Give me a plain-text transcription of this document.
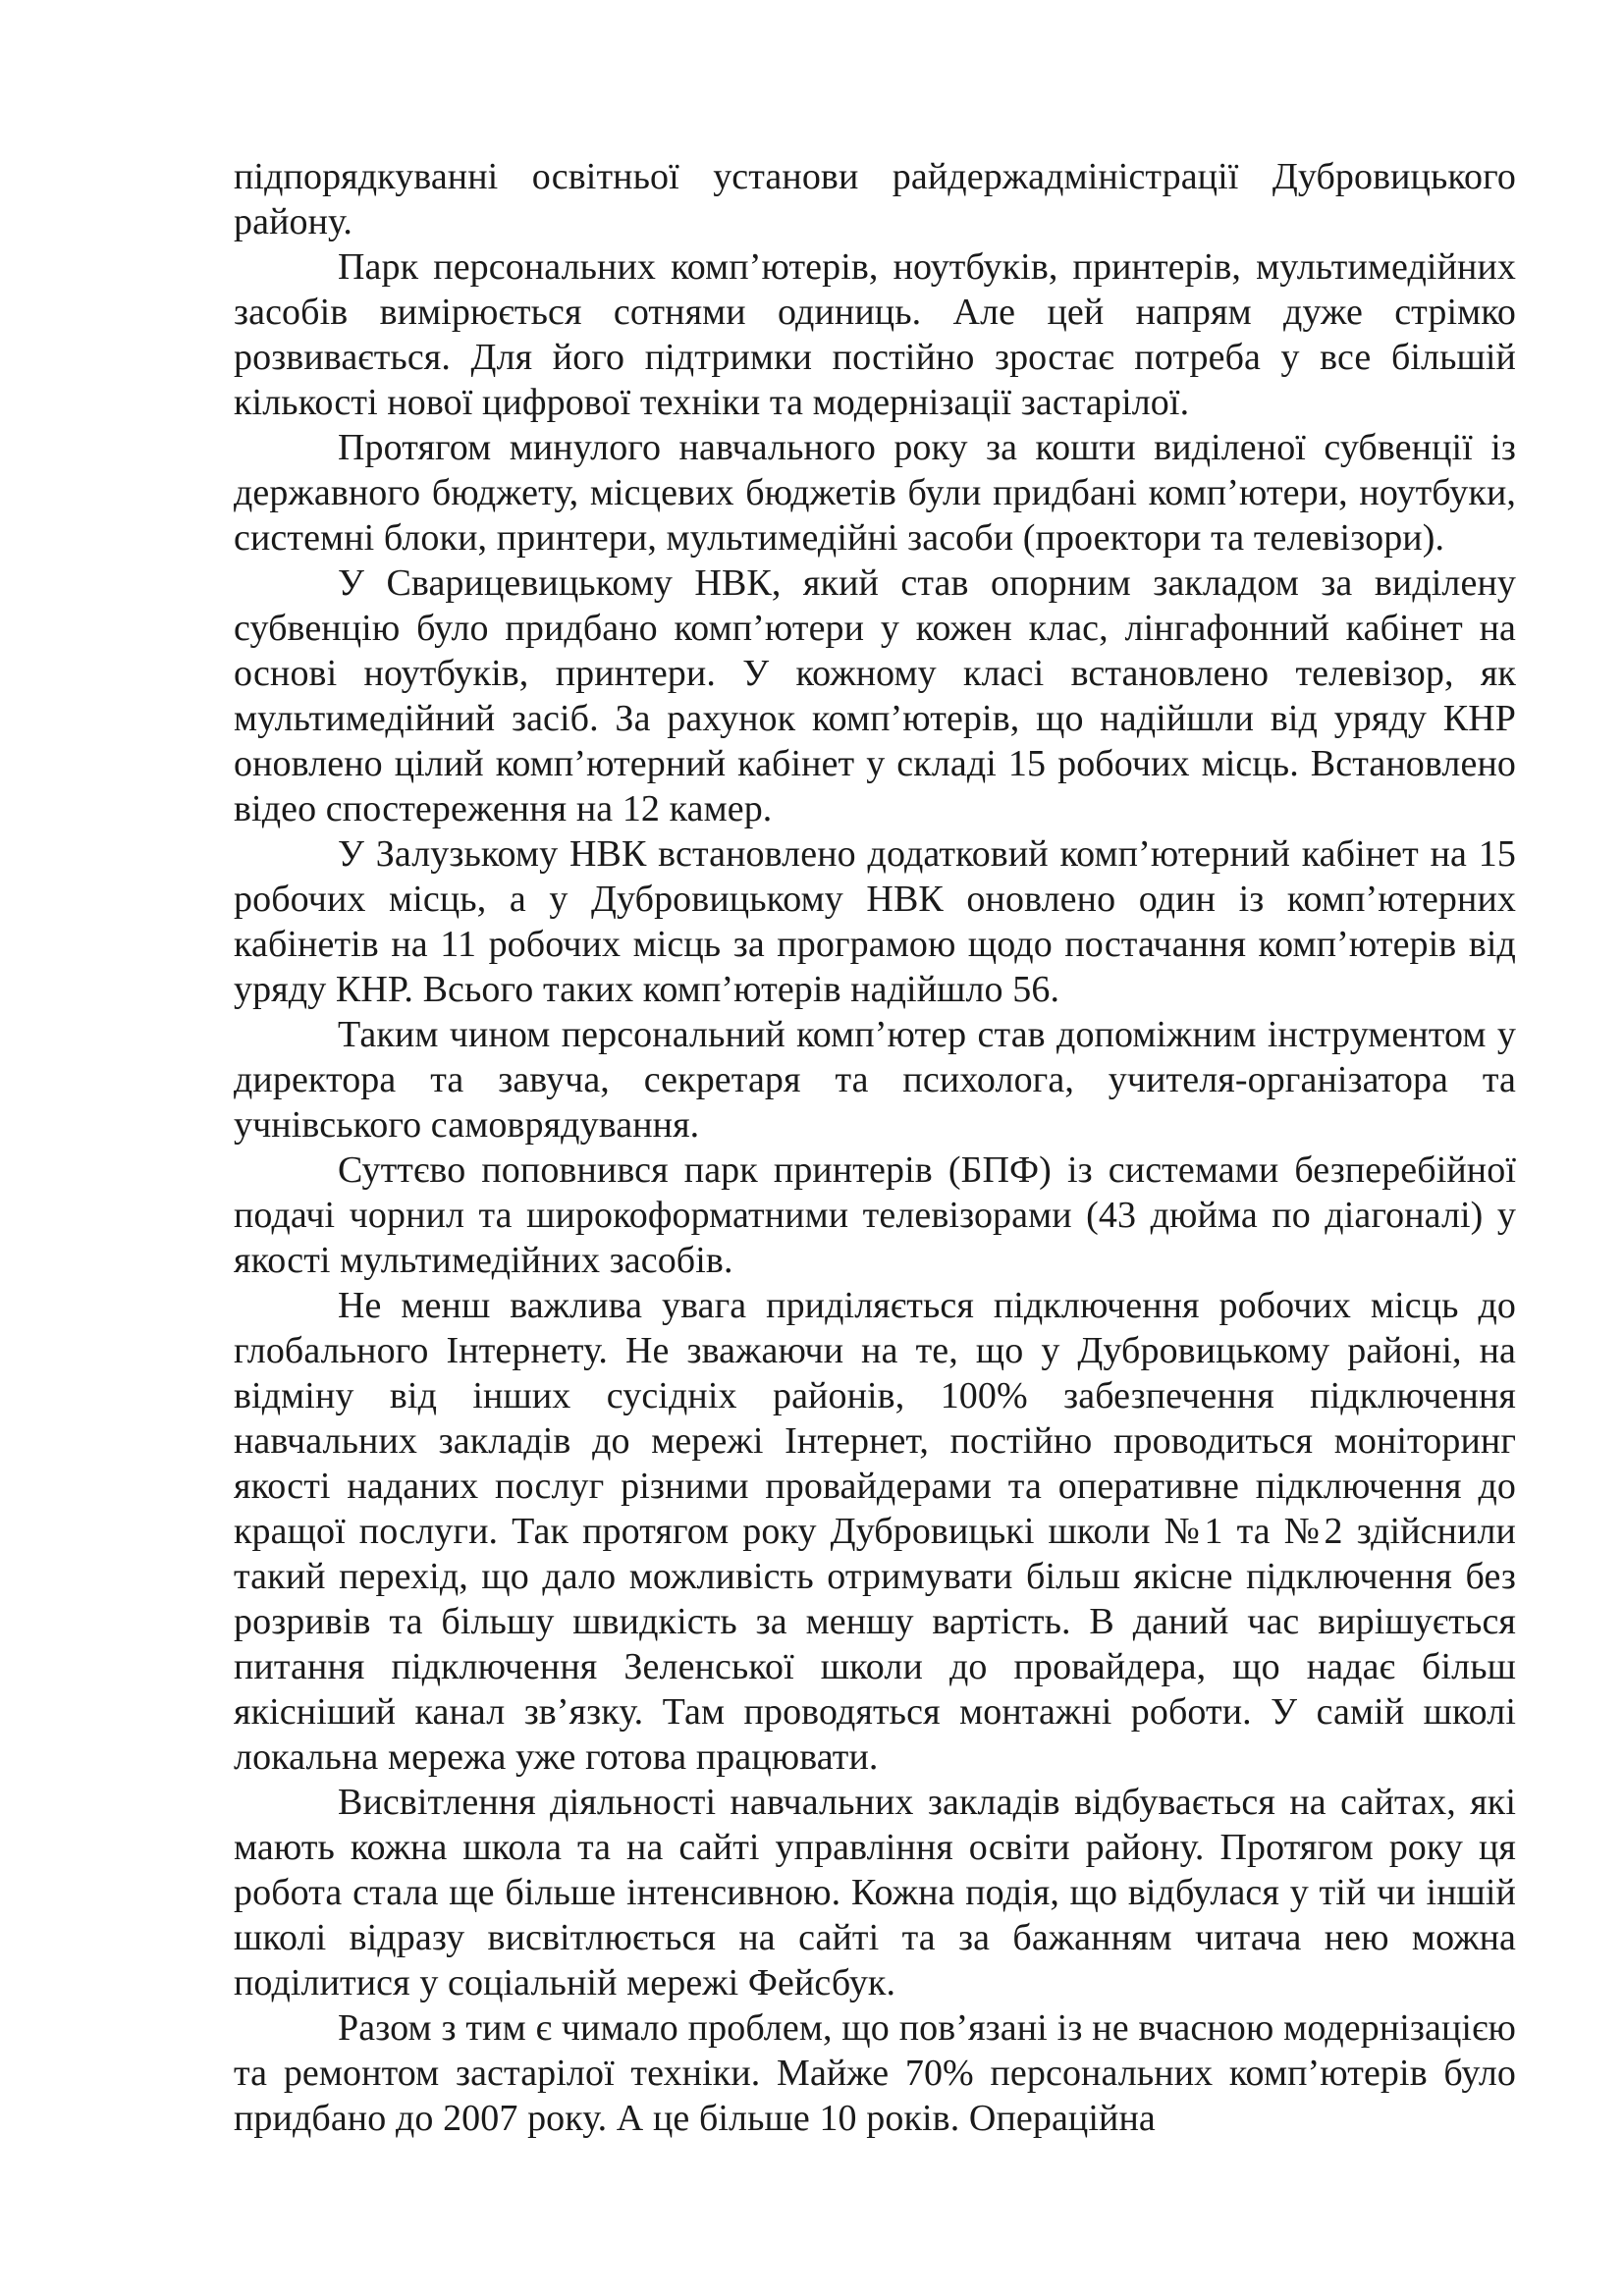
підпорядкуванні освітньої установи райдержадміністрації Дубровицького району.

Парк персональних комп’ютерів, ноутбуків, принтерів, мультимедійних засобів вимірюється сотнями одиниць. Але цей напрям дуже стрімко розвивається. Для його підтримки постійно зростає потреба у все більшій кількості нової цифрової техніки та модернізації застарілої.

Протягом минулого навчального року за кошти виділеної субвенції із державного бюджету, місцевих бюджетів були придбані комп’ютери, ноутбуки, системні блоки, принтери, мультимедійні засоби (проектори та телевізори).

У Сварицевицькому НВК, який став опорним закладом за виділену субвенцію було придбано комп’ютери у кожен клас, лінгафонний кабінет на основі ноутбуків, принтери. У кожному класі встановлено телевізор, як мультимедійний засіб. За рахунок комп’ютерів, що надійшли від уряду КНР оновлено цілий комп’ютерний кабінет у складі 15 робочих місць. Встановлено відео спостереження на 12 камер.

У Залузькому НВК встановлено додатковий комп’ютерний кабінет на 15 робочих місць, а у Дубровицькому НВК оновлено один із комп’ютерних кабінетів на 11 робочих місць за програмою щодо постачання комп’ютерів від уряду КНР. Всього таких комп’ютерів надійшло 56.

Таким чином персональний комп’ютер став допоміжним інструментом у директора та завуча, секретаря та психолога, учителя-організатора та учнівського самоврядування.

Суттєво поповнився парк принтерів (БПФ) із системами безперебійної подачі чорнил та широкоформатними телевізорами (43 дюйма по діагоналі) у якості мультимедійних засобів.

Не менш важлива увага приділяється підключення робочих місць до глобального Інтернету. Не зважаючи на те, що у Дубровицькому районі, на відміну від інших сусідніх районів, 100% забезпечення підключення навчальних закладів до мережі Інтернет, постійно проводиться моніторинг якості наданих послуг різними провайдерами та оперативне підключення до кращої послуги. Так протягом року Дубровицькі школи №1 та №2 здійснили такий перехід, що дало можливість отримувати більш якісне підключення без розривів та більшу швидкість за меншу вартість. В даний час вирішується питання підключення Зеленської школи до провайдера, що надає більш якісніший канал зв’язку. Там проводяться монтажні роботи. У самій школі локальна мережа уже готова працювати.

Висвітлення діяльності навчальних закладів відбувається на сайтах, які мають кожна школа та на сайті управління освіти району. Протягом року ця робота стала ще більше інтенсивною. Кожна подія, що відбулася у тій чи іншій школі відразу висвітлюється на сайті та за бажанням читача нею можна поділитися у соціальній мережі Фейсбук.

Разом з тим є чимало проблем, що пов’язані із не вчасною модернізацією та ремонтом застарілої техніки. Майже 70% персональних комп’ютерів було придбано до 2007 року. А це більше 10 років. Операційна
